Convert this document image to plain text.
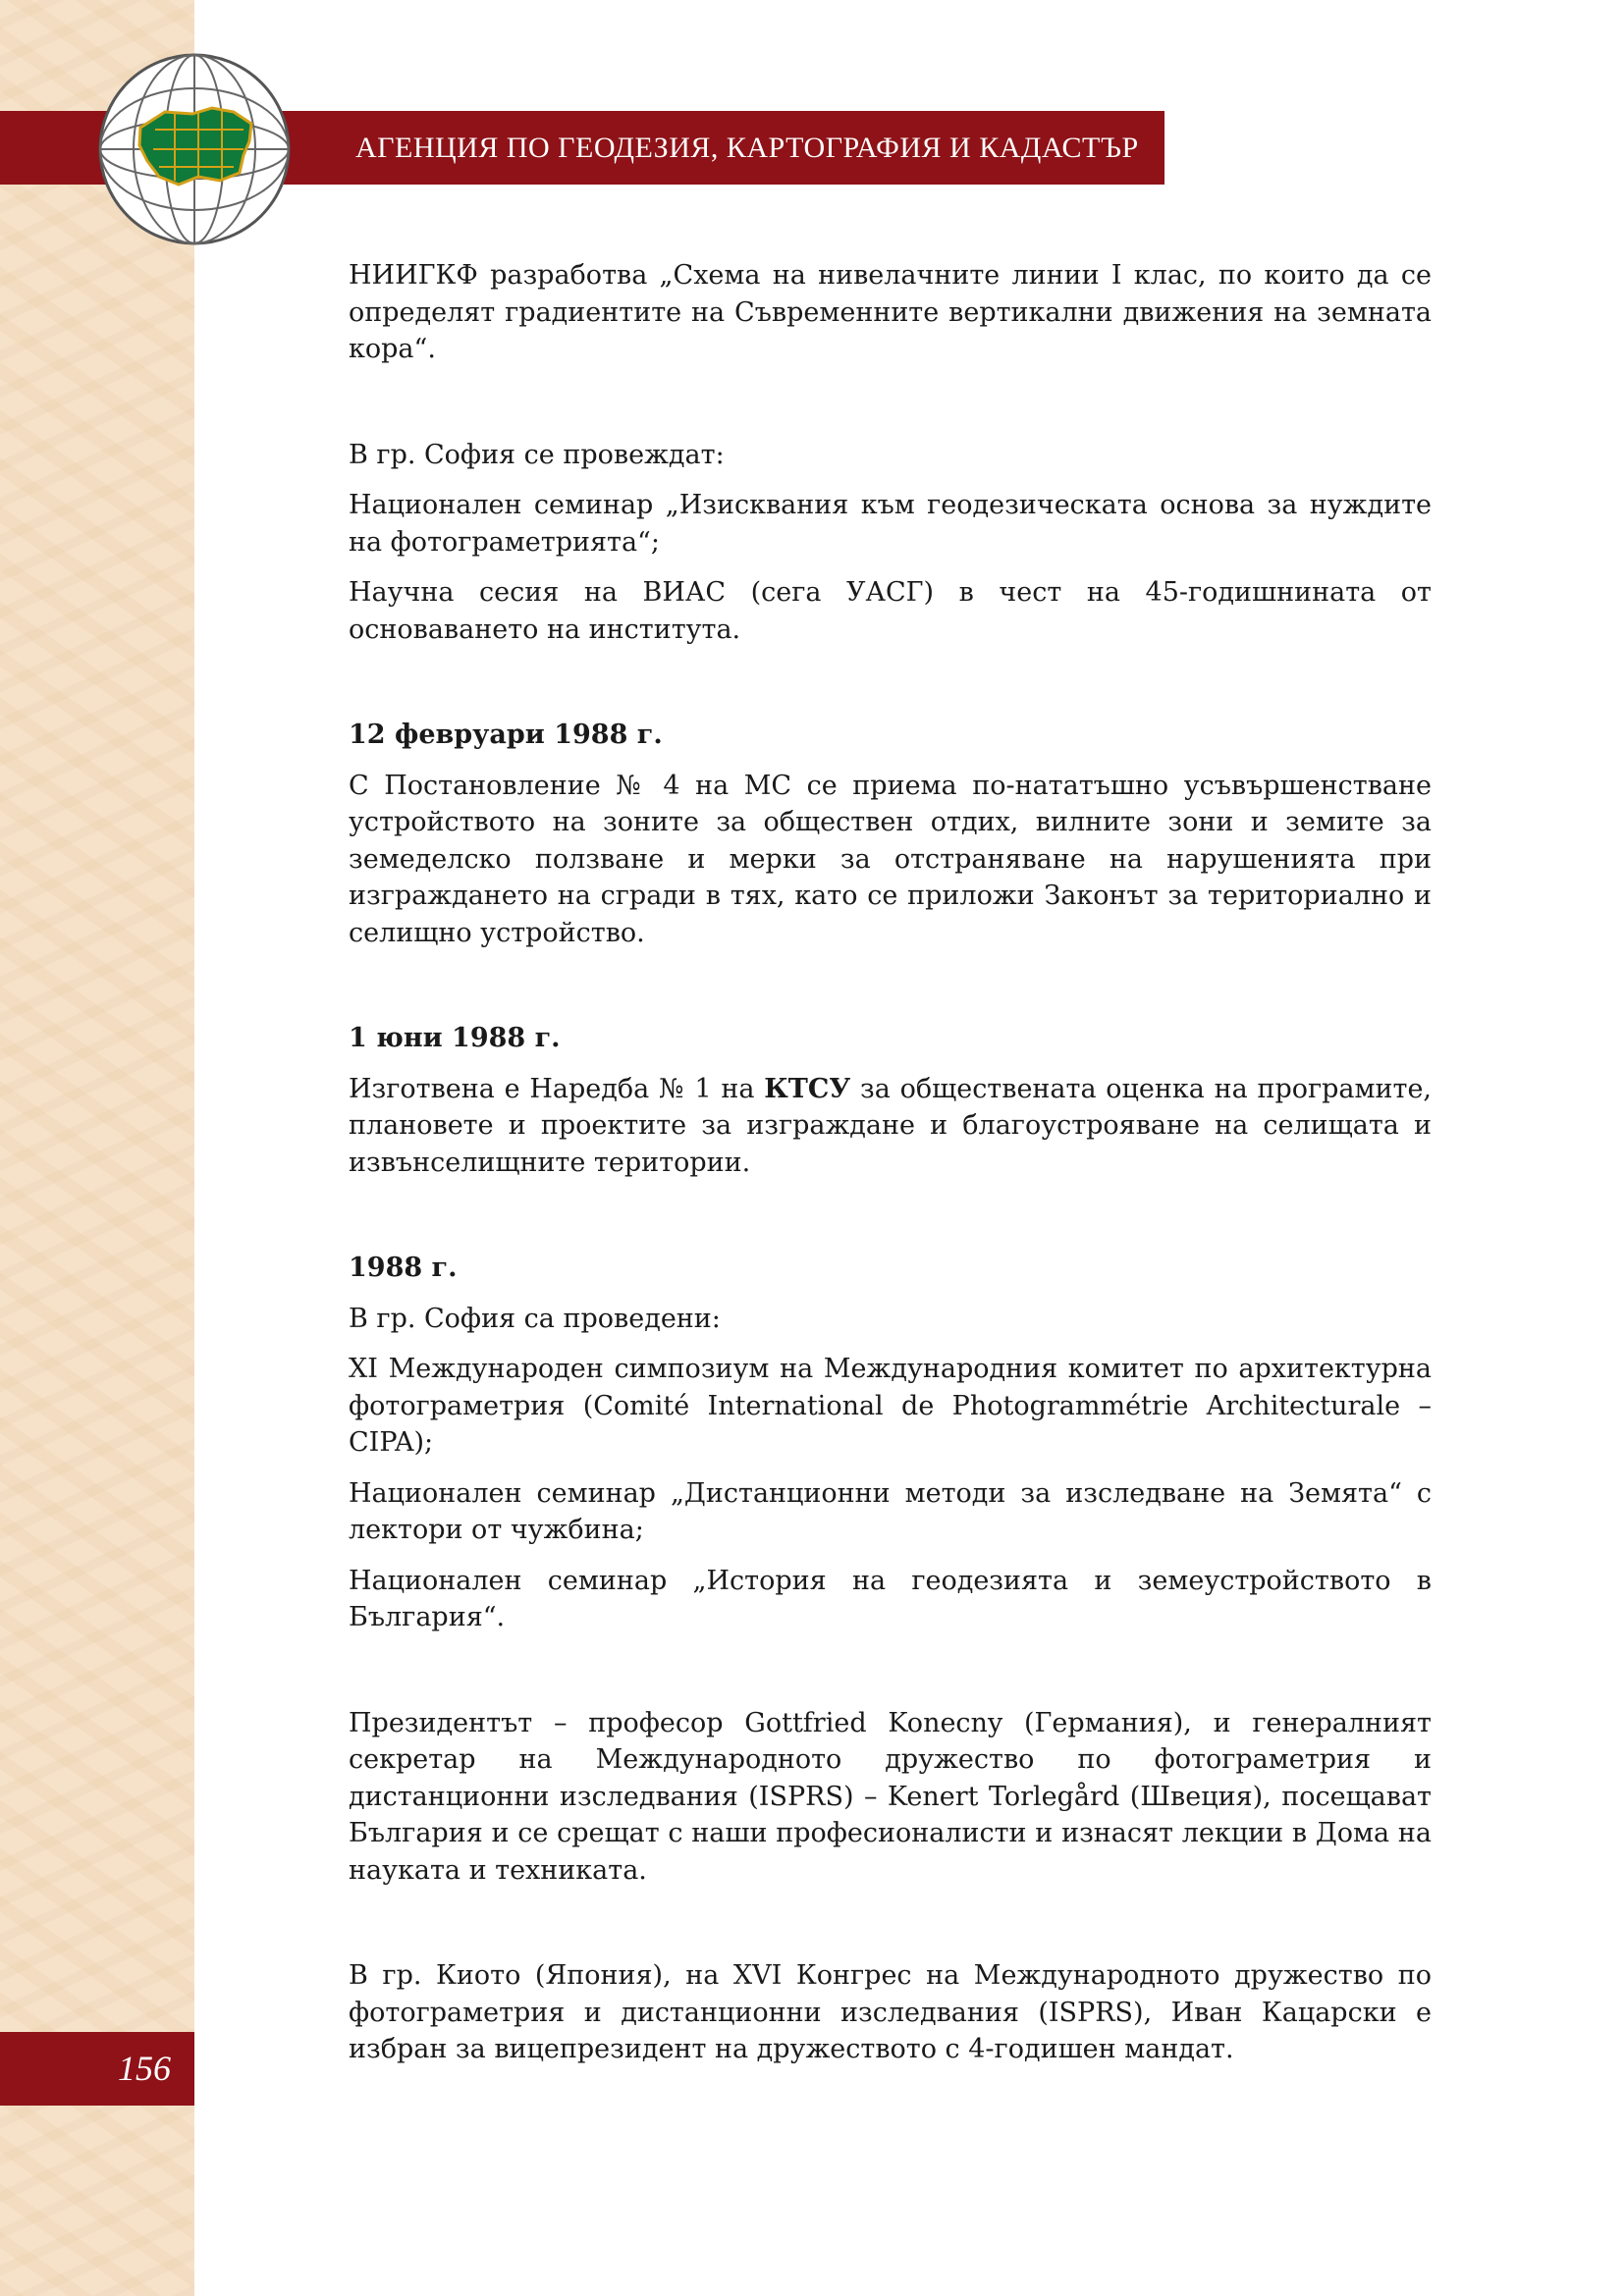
АГЕНЦИЯ ПО ГЕОДЕЗИЯ, КАРТОГРАФИЯ И КАДАСТЪР
156

НИИГКФ разработва „Схема на нивелачните линии I клас, по които да се определят градиентите на Съвременните вертикални движения на земната кора“.

В гр. София се провеждат:

Национален семинар „Изисквания към геодезическата основа за нуждите на фотограметрията“;

Научна сесия на ВИАС (сега УАСГ) в чест на 45-годишнината от основаването на института.

12 февруари 1988 г.

С Постановление № 4 на МС се приема по-нататъшно усъвършенстване устройството на зоните за обществен отдих, вилните зони и земите за земеделско ползване и мерки за отстраняване на нарушенията при изграждането на сгради в тях, като се приложи Законът за териториално и селищно устройство.

1 юни 1988 г.

Изготвена е Наредба № 1 на КТСУ за обществената оценка на програмите, плановете и проектите за изграждане и благоустрояване на селищата и извънселищните територии.

1988 г.

В гр. София са проведени:

XI Международен симпозиум на Международния комитет по архитектурна фотограметрия (Comité International de Photogrammétrie Architecturale – CIPA);

Национален семинар „Дистанционни методи за изследване на Земята“ с лектори от чужбина;

Национален семинар „История на геодезията и земеустройството в България“.

Президентът – професор Gottfried Konecny (Германия), и генералният секретар на Международното дружество по фотограметрия и дистанционни изследвания (ISPRS) – Kenert Torlegård (Швеция), посещават България и се срещат с наши професионалисти и изнасят лекции в Дома на науката и техниката.

В гр. Киото (Япония), на XVI Конгрес на Международното дружество по фотограметрия и дистанционни изследвания (ISPRS), Иван Кацарски е избран за вицепрезидент на дружеството с 4-годишен мандат.
